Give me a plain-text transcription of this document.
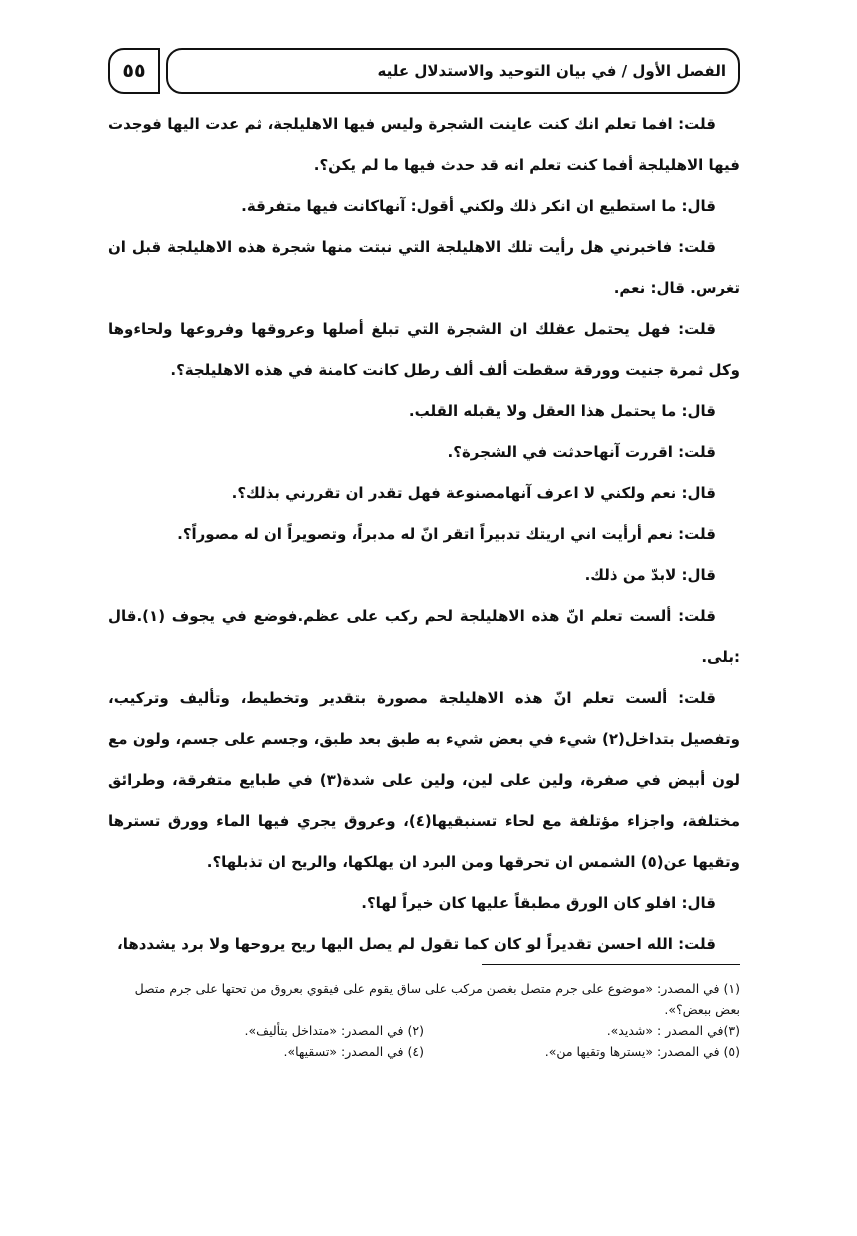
٥٥	الفصل الأول / في بيان التوحيد والاستدلال عليه

قلت: افما تعلم انك كنت عاينت الشجرة وليس فيها الاهليلجة، ثم عدت اليها فوجدت فيها الاهليلجة أفما كنت تعلم انه قد حدث فيها ما لم يكن؟.

قال: ما استطيع ان انكر ذلك ولكني أقول: آنهاكانت فيها متفرقة.

قلت: فاخبرني هل رأيت تلك الاهليلجة التي نبتت منها شجرة هذه الاهليلجة قبل ان تغرس. قال: نعم.

قلت: فهل يحتمل عقلك ان الشجرة التي تبلغ أصلها وعروقها وفروعها ولحاءوها وكل ثمرة جنيت وورقة سقطت ألف ألف رطل كانت كامنة في هذه الاهليلجة؟.

قال: ما يحتمل هذا العقل ولا يقبله القلب.

قلت: اقررت آنهاحدثت في الشجرة؟.

قال: نعم ولكني لا اعرف آنهامصنوعة فهل تقدر ان تقررني بذلك؟.

قلت: نعم أرأيت اني اريتك تدبيراً اتقر انّ له مدبراً، وتصويراً ان له مصوراً؟.

قال: لابدّ من ذلك.

قلت: ألست تعلم انّ هذه الاهليلجة لحم ركب على عظم.فوضع في يجوف (١).قال :بلى.

قلت: ألست تعلم انّ هذه الاهليلجة مصورة بتقدير وتخطيط، وتأليف وتركيب، وتفصيل بتداخل(٢) شيء في بعض شيء به طبق بعد طبق، وجسم على جسم، ولون مع لون أبيض في صفرة، ولين على لين، ولين على شدة(٣) في طبايع متفرقة، وطرائق مختلفة، واجزاء مؤتلفة مع لحاء تسنبقيها(٤)، وعروق يجري فيها الماء وورق تسترها وتقيها عن(٥) الشمس ان تحرقها ومن البرد ان يهلكها، والريح ان تذبلها؟.

قال: افلو كان الورق مطبقاً عليها كان خيراً لها؟.

قلت: الله احسن تقديراً لو كان كما تقول لم يصل اليها ريح يروحها ولا برد يشددها،

(١) في المصدر: «موضوع على جرم متصل بغصن مركب على ساق يقوم على فيقوي بعروق من تحتها على جرم متصل بعض ببعض؟».
(٣)في المصدر : «شديد».
(٢) في المصدر: «متداخل بتأليف».
(٥) في المصدر: «يسترها وتقيها من».
(٤) في المصدر: «تسقيها».
